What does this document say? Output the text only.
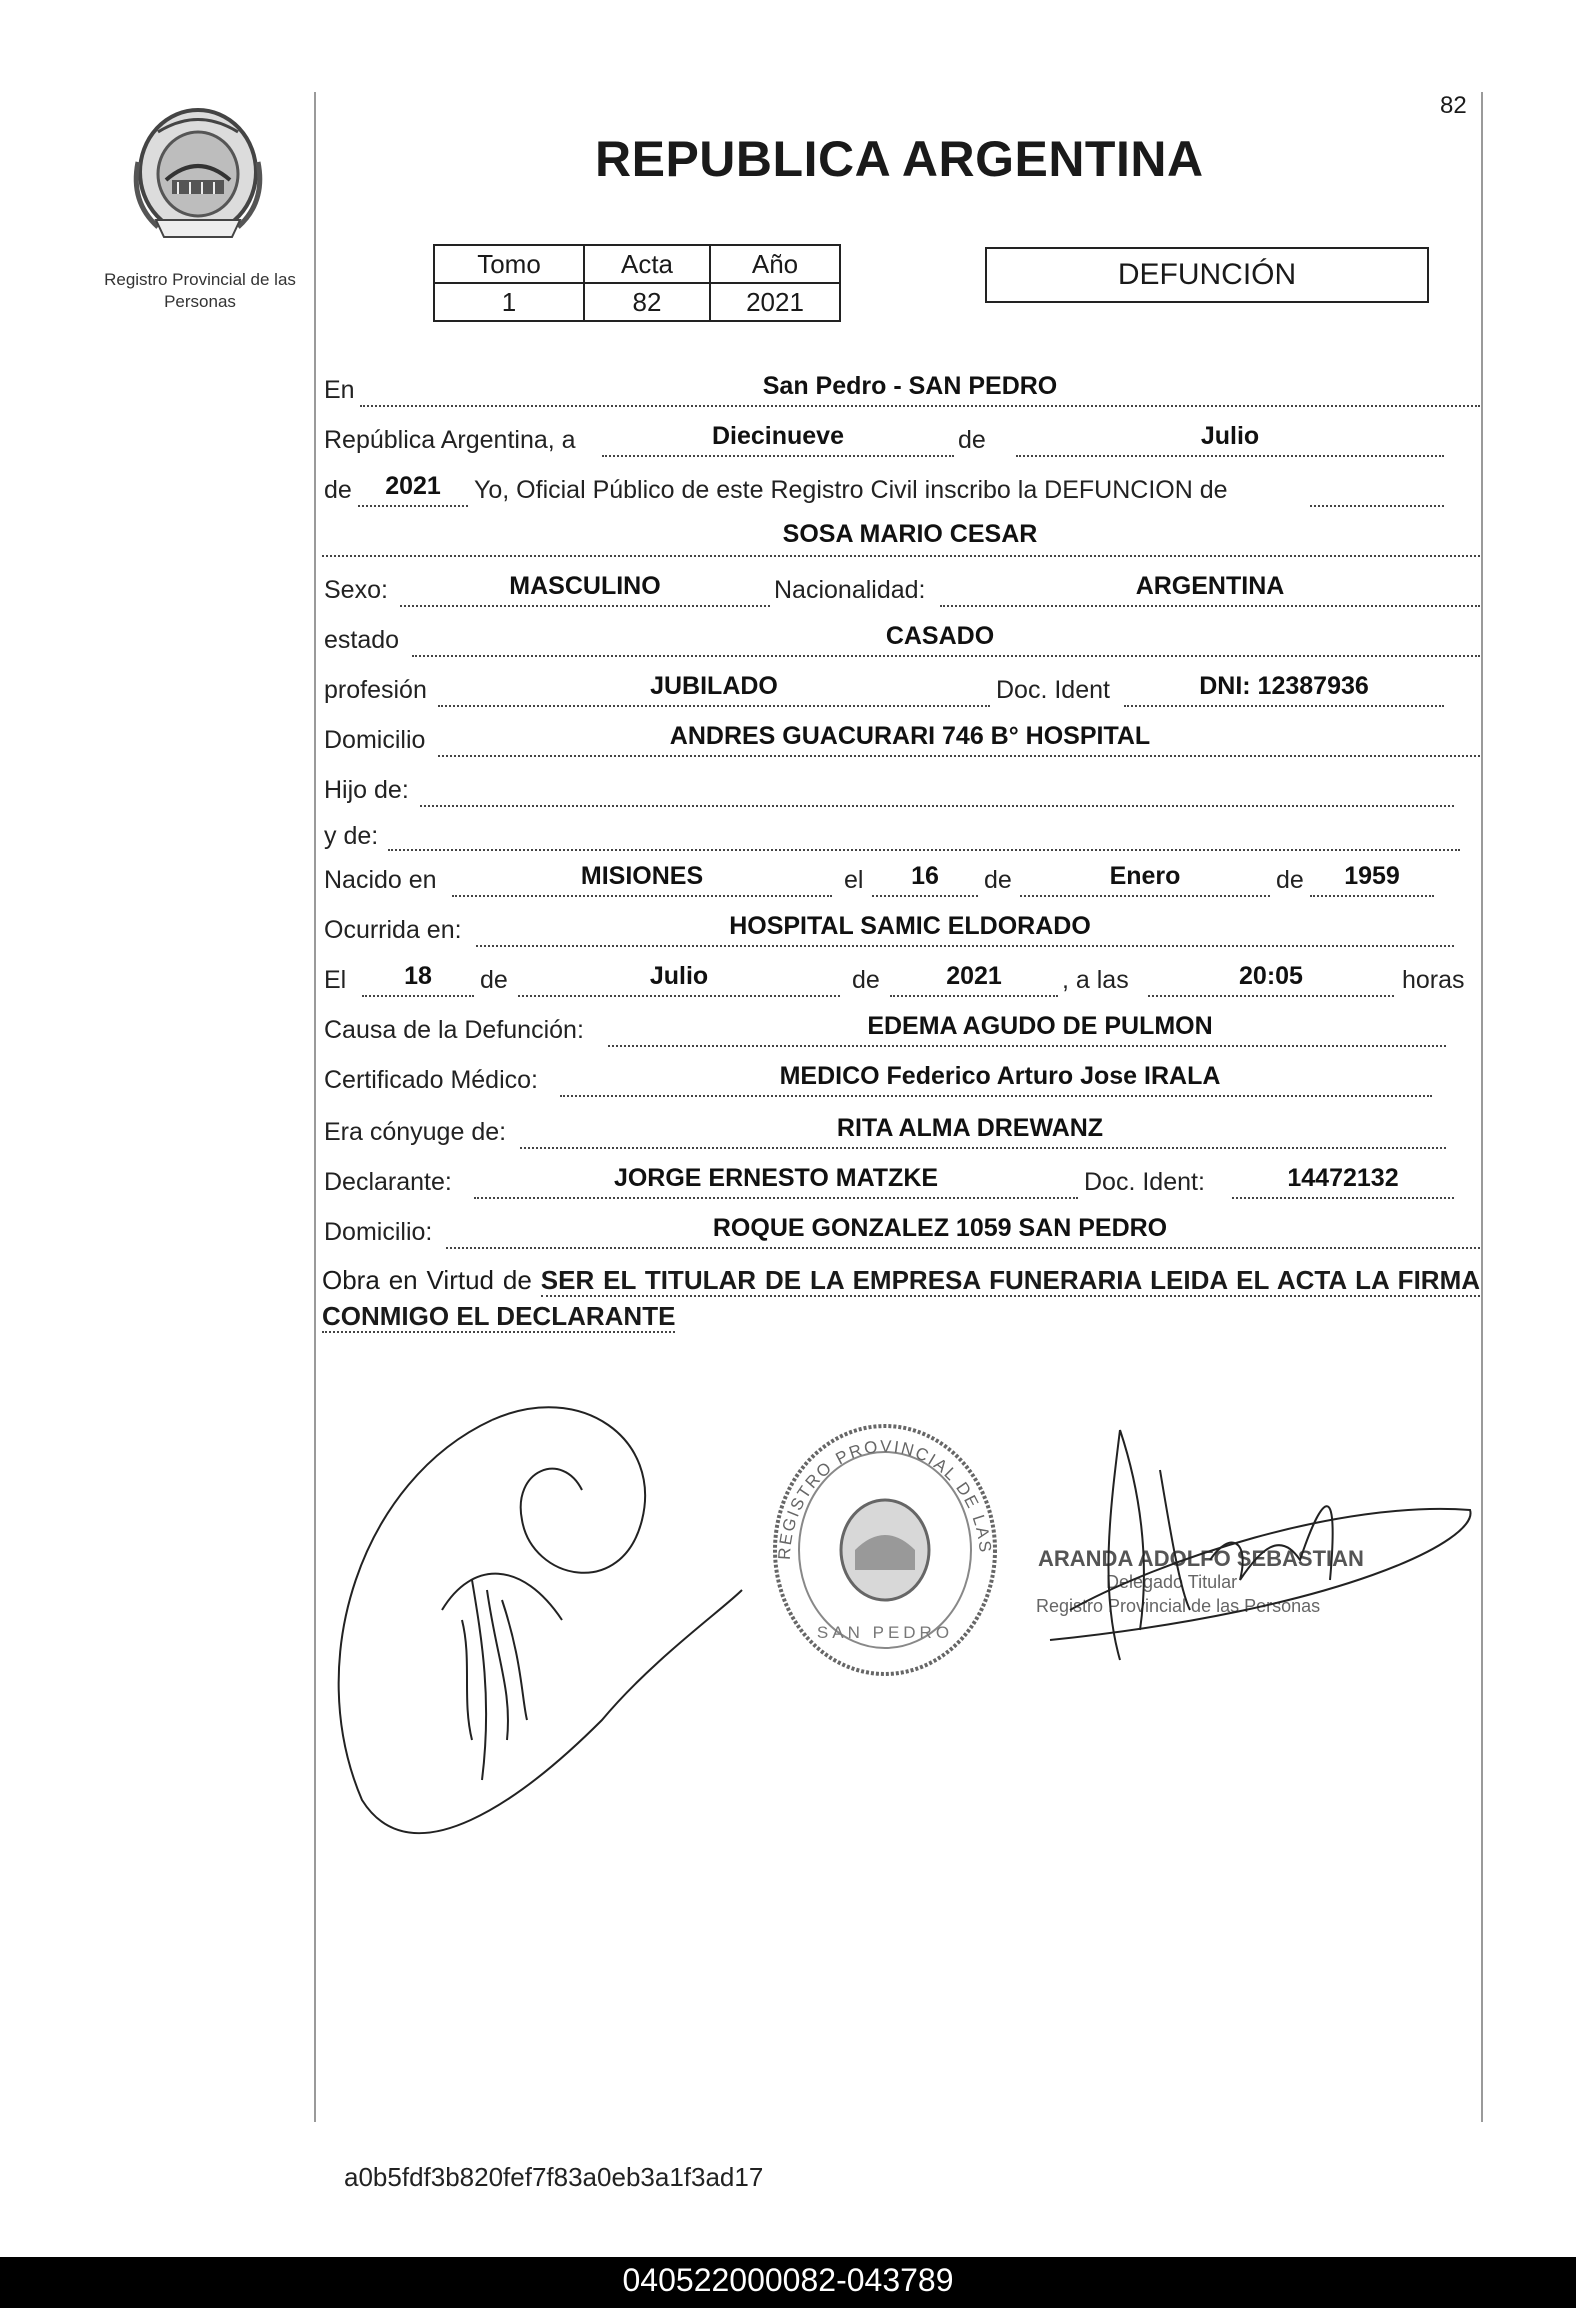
82
Registro Provincial de las Personas
REPUBLICA ARGENTINA
Tomo	Acta	Año
1	82	2021
DEFUNCIÓN
En	San Pedro - SAN PEDRO
República Argentina, a	Diecinueve	de	Julio
de	2021	Yo, Oficial Público de este Registro Civil inscribo la DEFUNCION de
SOSA MARIO CESAR
Sexo:	MASCULINO	Nacionalidad:	ARGENTINA
estado	CASADO
profesión	JUBILADO	Doc. Ident	DNI: 12387936
Domicilio	ANDRES GUACURARI 746 B° HOSPITAL
Hijo de:
y de:
Nacido en	MISIONES	el	16	de	Enero	de	1959
Ocurrida en:	HOSPITAL SAMIC ELDORADO
El	18	de	Julio	de	2021	, a las	20:05	horas
Causa de la Defunción:	EDEMA AGUDO DE PULMON
Certificado Médico:	MEDICO Federico Arturo Jose IRALA
Era cónyuge de:	RITA ALMA DREWANZ
Declarante:	JORGE ERNESTO MATZKE	Doc. Ident:	14472132
Domicilio:	ROQUE GONZALEZ 1059 SAN PEDRO
Obra en Virtud de SER EL TITULAR DE LA EMPRESA FUNERARIA LEIDA EL ACTA LA FIRMA CONMIGO EL DECLARANTE
REGISTRO PROVINCIAL DE LAS PERSONAS
SAN PEDRO
ARANDA ADOLFO SEBASTIAN
Delegado Titular
Registro Provincial de las Personas
a0b5fdf3b820fef7f83a0eb3a1f3ad17
040522000082-043789
